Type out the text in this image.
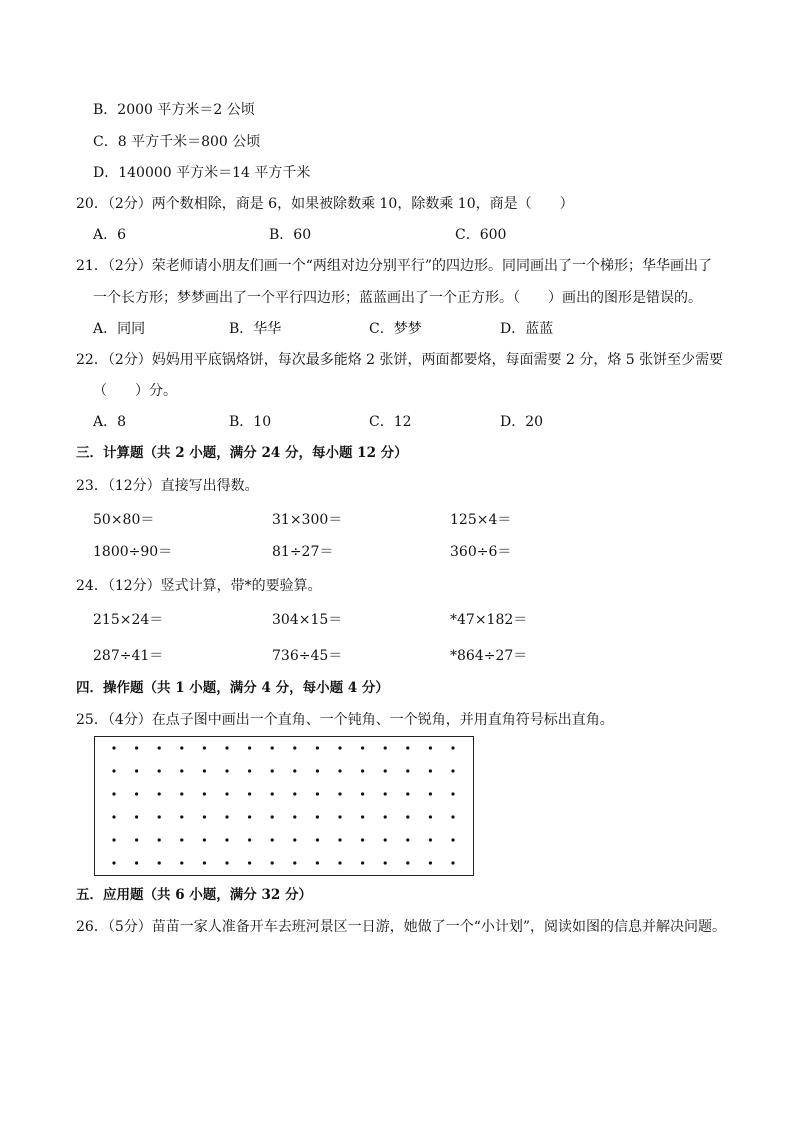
B．2000 平方米＝2 公顷
C．8 平方千米＝800 公顷
D．140000 平方米＝14 平方千米
20．（2分）两个数相除，商是 6，如果被除数乘 10，除数乘 10，商是（　　）
A．6	B．60	C．600
21．（2分）荣老师请小朋友们画一个“两组对边分别平行”的四边形。同同画出了一个梯形；华华画出了
一个长方形；梦梦画出了一个平行四边形；蓝蓝画出了一个正方形。（　　）画出的图形是错误的。
A．同同	B．华华	C．梦梦	D．蓝蓝
22．（2分）妈妈用平底锅烙饼，每次最多能烙 2 张饼，两面都要烙，每面需要 2 分，烙 5 张饼至少需要
（　　）分。
A．8	B．10	C．12	D．20
三．计算题（共 2 小题，满分 24 分，每小题 12 分）
23．（12分）直接写出得数。
50×80＝	31×300＝	125×4＝
1800÷90＝	81÷27＝	360÷6＝
24．（12分）竖式计算，带*的要验算。
215×24＝	304×15＝	*47×182＝
287÷41＝	736÷45＝	*864÷27＝
四．操作题（共 1 小题，满分 4 分，每小题 4 分）
25．（4分）在点子图中画出一个直角、一个钝角、一个锐角，并用直角符号标出直角。
五．应用题（共 6 小题，满分 32 分）
26．（5分）苗苗一家人准备开车去班河景区一日游，她做了一个“小计划”，阅读如图的信息并解决问题。
